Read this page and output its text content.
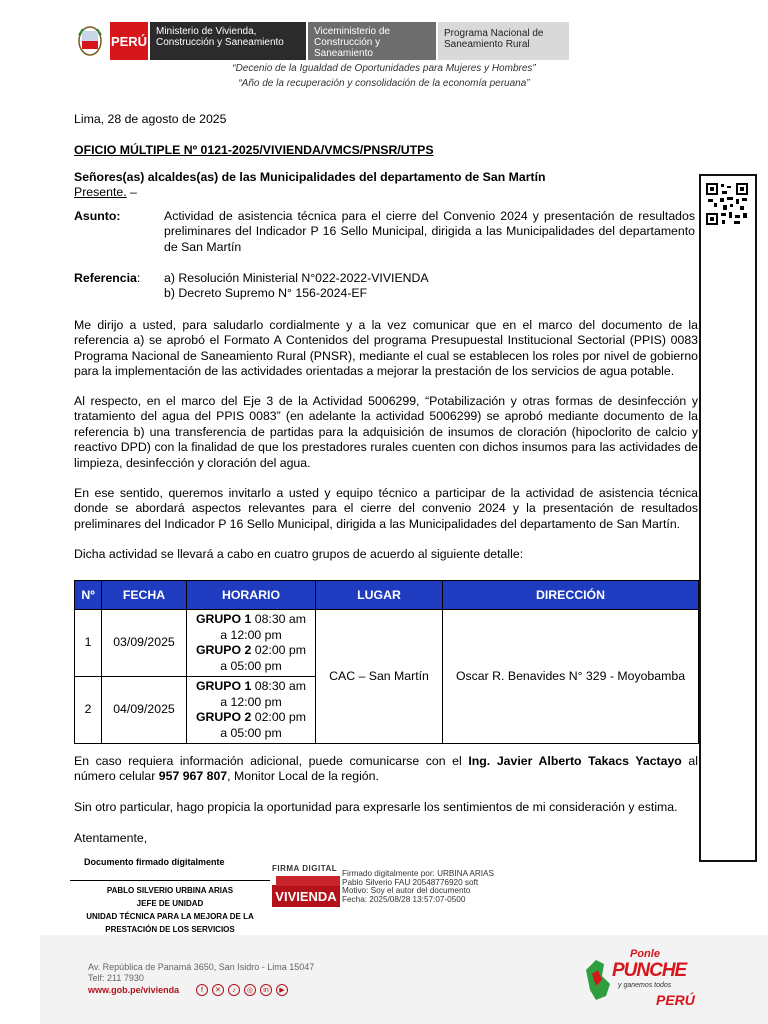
PERÚ
Ministerio de Vivienda, Construcción y Saneamiento
Viceministerio de Construcción y Saneamiento
Programa Nacional de Saneamiento Rural
“Decenio de la Igualdad de Oportunidades para Mujeres y Hombres”
“Año de la recuperación y consolidación de la economía peruana”
Lima, 28 de agosto de 2025
OFICIO MÚLTIPLE Nº 0121-2025/VIVIENDA/VMCS/PNSR/UTPS
Señores(as) alcaldes(as) de las Municipalidades del departamento de San Martín
Presente. –
Asunto:	Actividad de asistencia técnica para el cierre del Convenio 2024 y presentación de resultados preliminares del Indicador P 16 Sello Municipal, dirigida a las Municipalidades del departamento de San Martín
Referencia:	a) Resolución Ministerial N°022-2022-VIVIENDA
b) Decreto Supremo N° 156-2024-EF
Me dirijo a usted, para saludarlo cordialmente y a la vez comunicar que en el marco del documento de la referencia a) se aprobó el Formato A Contenidos del programa Presupuestal Institucional Sectorial (PPIS) 0083 Programa Nacional de Saneamiento Rural (PNSR), mediante el cual se establecen los roles por nivel de gobierno para la implementación de las actividades orientadas a mejorar la prestación de los servicios de agua potable.
Al respecto, en el marco del Eje 3 de la Actividad 5006299, “Potabilización y otras formas de desinfección y tratamiento del agua del PPIS 0083” (en adelante la actividad 5006299) se aprobó mediante documento de la referencia b) una transferencia de partidas para la adquisición de insumos de cloración (hipoclorito de calcio y reactivo DPD) con la finalidad de que los prestadores rurales cuenten con dichos insumos para las actividades de limpieza, desinfección y cloración del agua.
En ese sentido, queremos invitarlo a usted y equipo técnico a participar de la actividad de asistencia técnica donde se abordará aspectos relevantes para el cierre del convenio 2024 y la presentación de resultados preliminares del Indicador P 16 Sello Municipal, dirigida a las Municipalidades del departamento de San Martín.
Dicha actividad se llevará a cabo en cuatro grupos de acuerdo al siguiente detalle:
Nº	FECHA	HORARIO	LUGAR	DIRECCIÓN
1	03/09/2025	GRUPO 1 08:30 am a 12:00 pm
GRUPO 2 02:00 pm a 05:00 pm	CAC – San Martín	Oscar R. Benavides N° 329 - Moyobamba
2	04/09/2025	GRUPO 1 08:30 am a 12:00 pm
GRUPO 2 02:00 pm a 05:00 pm		
En caso requiera información adicional, puede comunicarse con el Ing. Javier Alberto Takacs Yactayo al número celular 957 967 807, Monitor Local de la región.
Sin otro particular, hago propicia la oportunidad para expresarle los sentimientos de mi consideración y estima.
Atentamente,
Documento firmado digitalmente
PABLO SILVERIO URBINA ARIAS
JEFE DE UNIDAD
UNIDAD TÉCNICA PARA LA MEJORA DE LA
PRESTACIÓN DE LOS SERVICIOS
FIRMA DIGITAL
VIVIENDA
Firmado digitalmente por: URBINA ARIAS
Pablo Silverio FAU 20548776920 soft
Motivo: Soy el autor del documento
Fecha: 2025/08/28 13:57:07-0500
Av. República de Panamá 3650, San Isidro - Lima 15047
Telf: 211 7930
www.gob.pe/vivienda	f	✕	♪	◎	in	▶
Ponle
PUNCHE
y ganemos todos
PERÚ
